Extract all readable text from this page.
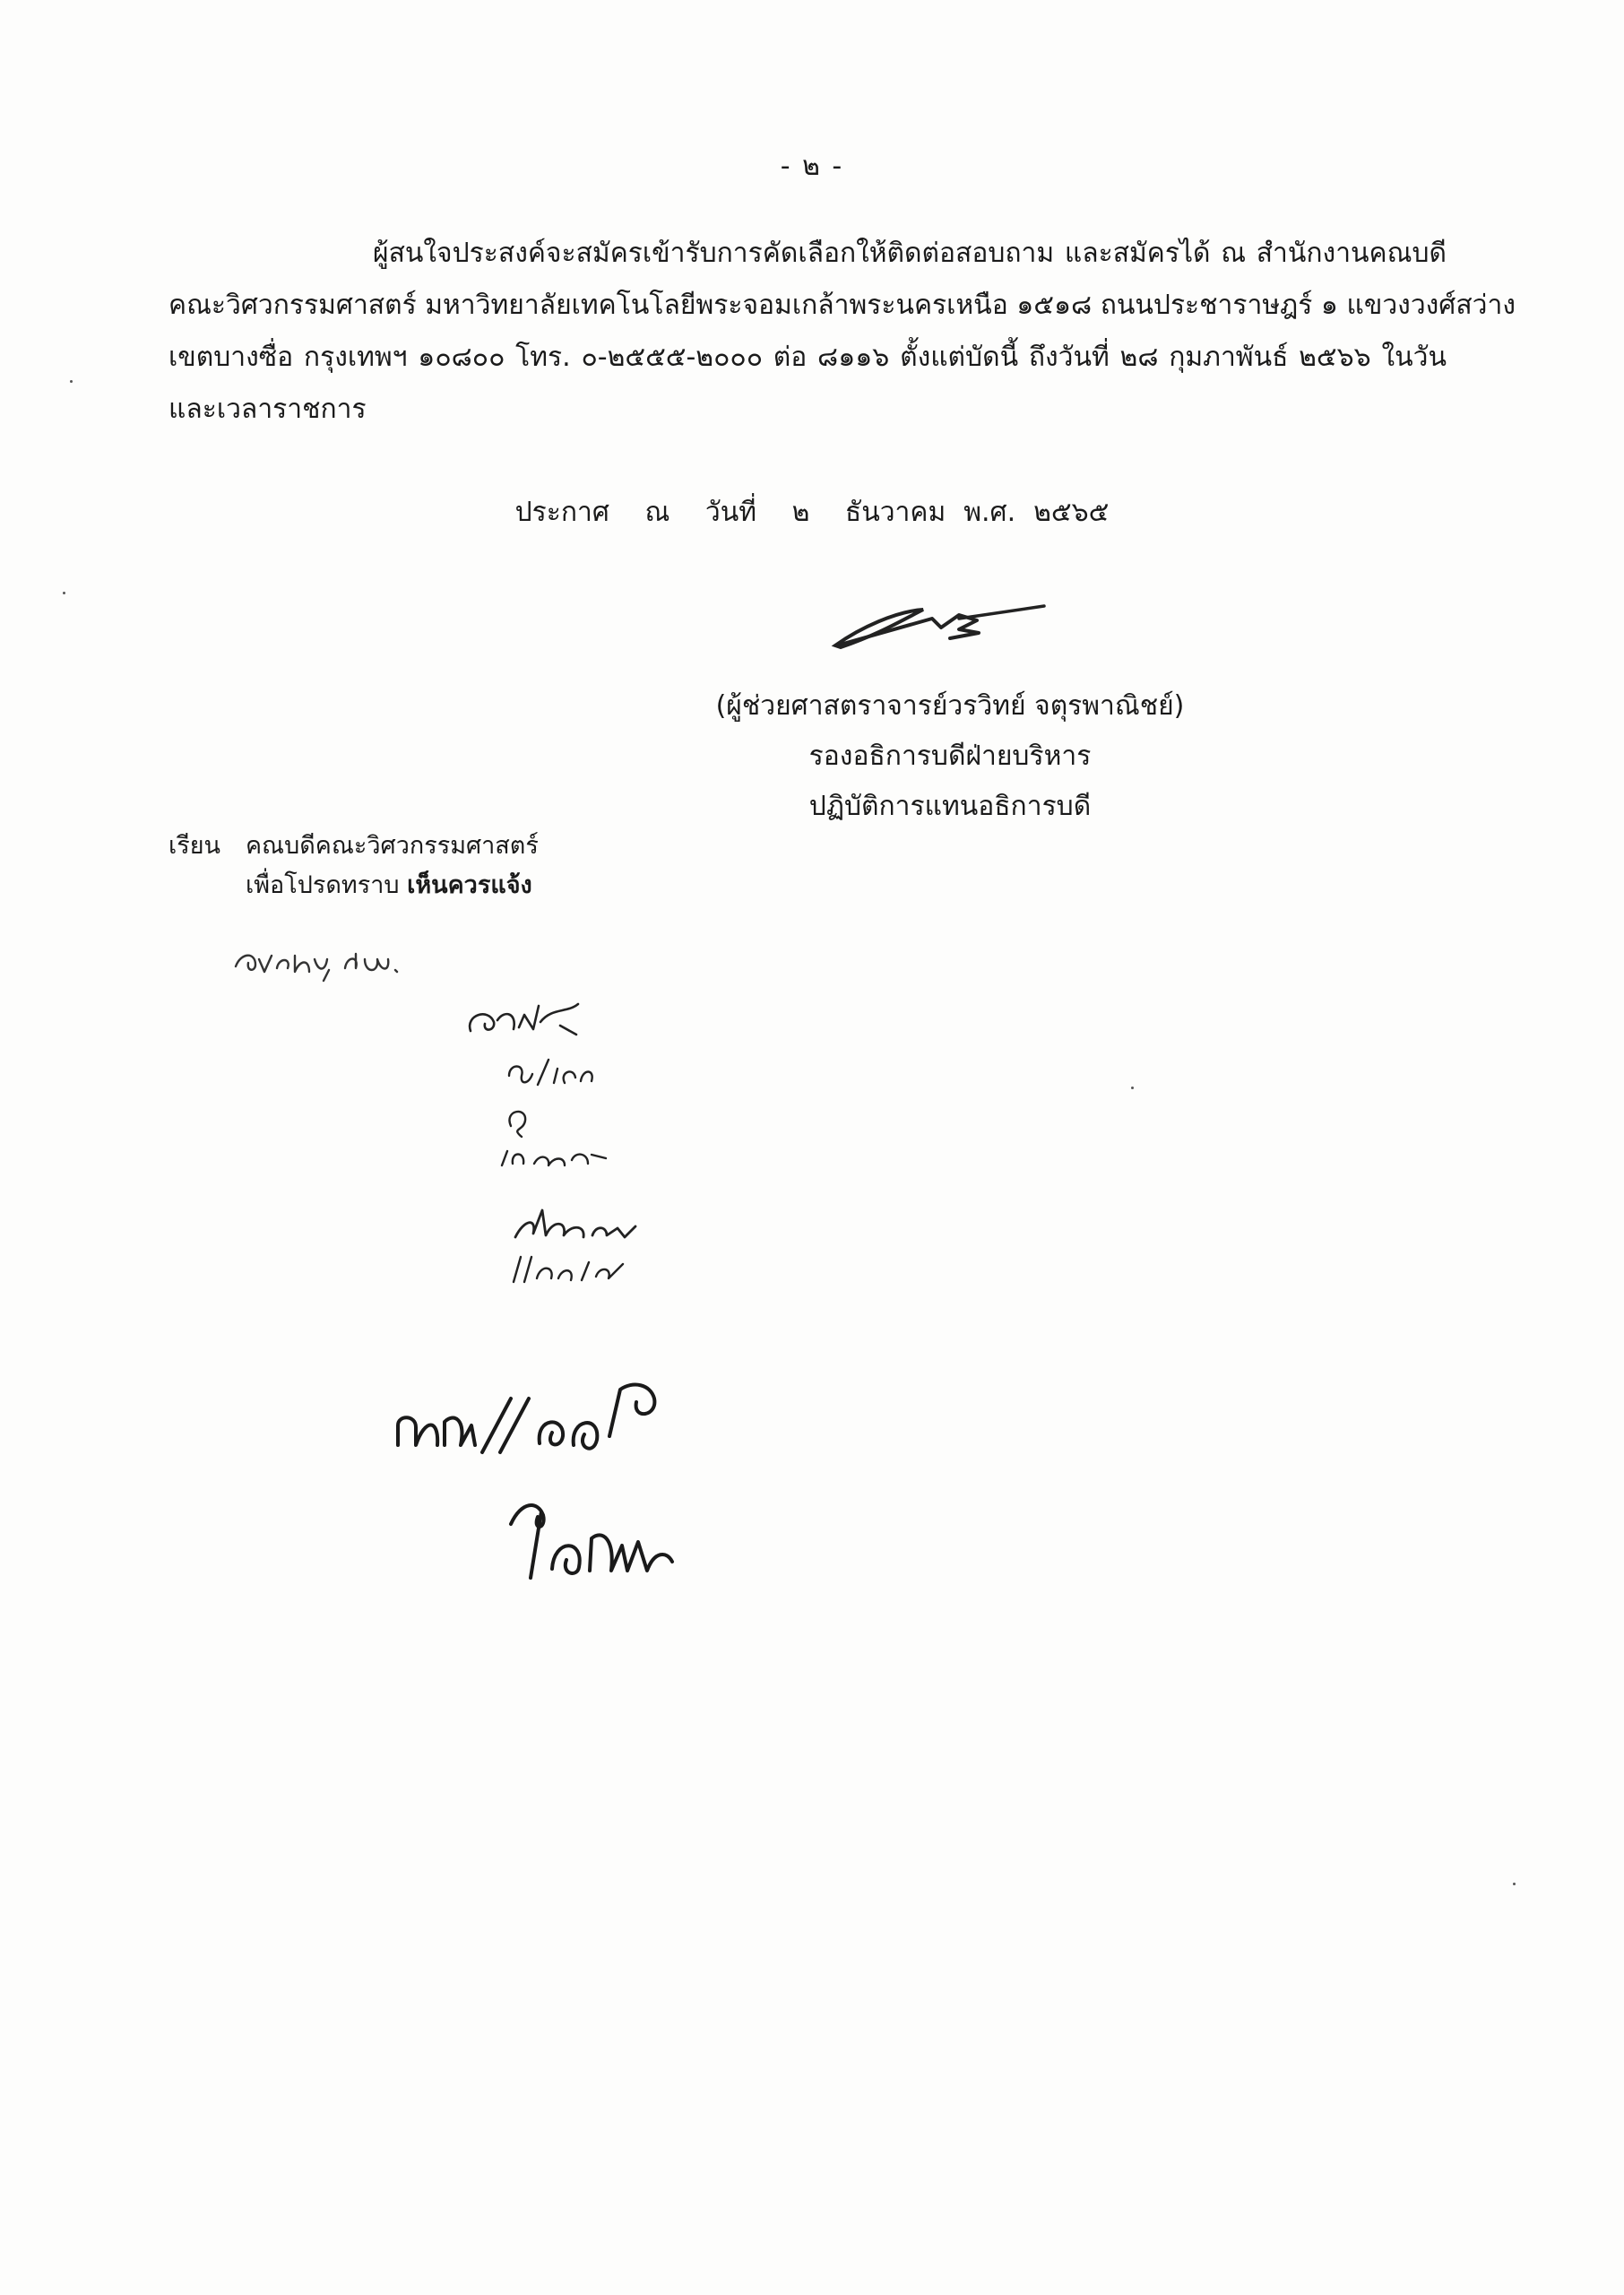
- ๒ -
ผู้สนใจประสงค์จะสมัครเข้ารับการคัดเลือกให้ติดต่อสอบถาม และสมัครได้ ณ สำนักงานคณบดี
คณะวิศวกรรมศาสตร์ มหาวิทยาลัยเทคโนโลยีพระจอมเกล้าพระนครเหนือ ๑๕๑๘ ถนนประชาราษฎร์ ๑ แขวงวงศ์สว่าง
เขตบางซื่อ กรุงเทพฯ ๑๐๘๐๐ โทร. ๐-๒๕๕๕-๒๐๐๐ ต่อ ๘๑๑๖ ตั้งแต่บัดนี้ ถึงวันที่ ๒๘ กุมภาพันธ์ ๒๕๖๖ ในวัน
และเวลาราชการ
ประกาศ ณ วันที่ ๒ ธันวาคม พ.ศ. ๒๕๖๕
(ผู้ช่วยศาสตราจารย์วรวิทย์ จตุรพาณิชย์)
รองอธิการบดีฝ่ายบริหาร
ปฏิบัติการแทนอธิการบดี
เรียน คณบดีคณะวิศวกรรมศาสตร์
เพื่อโปรดทราบ เห็นควรแจ้ง
